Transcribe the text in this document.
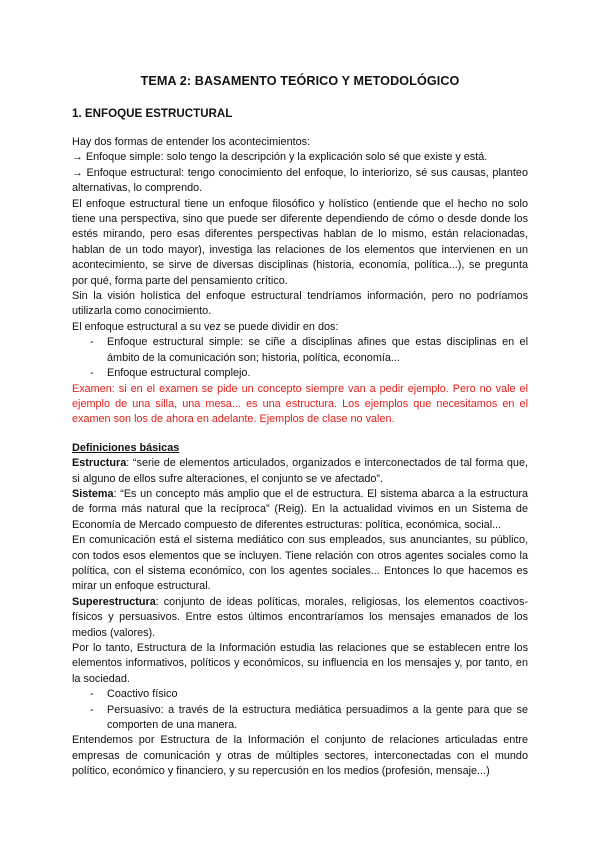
TEMA 2: BASAMENTO TEÓRICO Y METODOLÓGICO
1. ENFOQUE ESTRUCTURAL

Hay dos formas de entender los acontecimientos:

→ Enfoque simple: solo tengo la descripción y la explicación solo sé que existe y está.

→ Enfoque estructural: tengo conocimiento del enfoque, lo interiorizo, sé sus causas, planteo alternativas, lo comprendo.

El enfoque estructural tiene un enfoque filosófico y holístico (entiende que el hecho no solo tiene una perspectiva, sino que puede ser diferente dependiendo de cómo o desde donde los estés mirando, pero esas diferentes perspectivas hablan de lo mismo, están relacionadas, hablan de un todo mayor), investiga las relaciones de los elementos que intervienen en un acontecimiento, se sirve de diversas disciplinas (historia, economía, política...), se pregunta por qué, forma parte del pensamiento crítico.

Sin la visión holística del enfoque estructural tendríamos información, pero no podríamos utilizarla como conocimiento.

El enfoque estructural a su vez se puede dividir en dos:

- Enfoque estructural simple: se ciñe a disciplinas afines que estas disciplinas en el ámbito de la comunicación son; historia, política, economía...
- Enfoque estructural complejo.

Examen: si en el examen se pide un concepto siempre van a pedir ejemplo. Pero no vale el ejemplo de una silla, una mesa... es una estructura. Los ejemplos que necesitamos en el examen son los de ahora en adelante. Ejemplos de clase no valen.

Definiciones básicas

Estructura: “serie de elementos articulados, organizados e interconectados de tal forma que, si alguno de ellos sufre alteraciones, el conjunto se ve afectado”.

Sistema: “Es un concepto más amplio que el de estructura. El sistema abarca a la estructura de forma más natural que la recíproca” (Reig). En la actualidad vivimos en un Sistema de Economía de Mercado compuesto de diferentes estructuras: política, económica, social...

En comunicación está el sistema mediático con sus empleados, sus anunciantes, su público, con todos esos elementos que se incluyen. Tiene relación con otros agentes sociales como la política, con el sistema económico, con los agentes sociales... Entonces lo que hacemos es mirar un enfoque estructural.

Superestructura: conjunto de ideas políticas, morales, religiosas, los elementos coactivos-físicos y persuasivos. Entre estos últimos encontraríamos los mensajes emanados de los medios (valores).

Por lo tanto, Estructura de la Información estudia las relaciones que se establecen entre los elementos informativos, políticos y económicos, su influencia en los mensajes y, por tanto, en la sociedad.

- Coactivo físico
- Persuasivo: a través de la estructura mediática persuadimos a la gente para que se comporten de una manera.

Entendemos por Estructura de la Información el conjunto de relaciones articuladas entre empresas de comunicación y otras de múltiples sectores, interconectadas con el mundo político, económico y financiero, y su repercusión en los medios (profesión, mensaje...)
